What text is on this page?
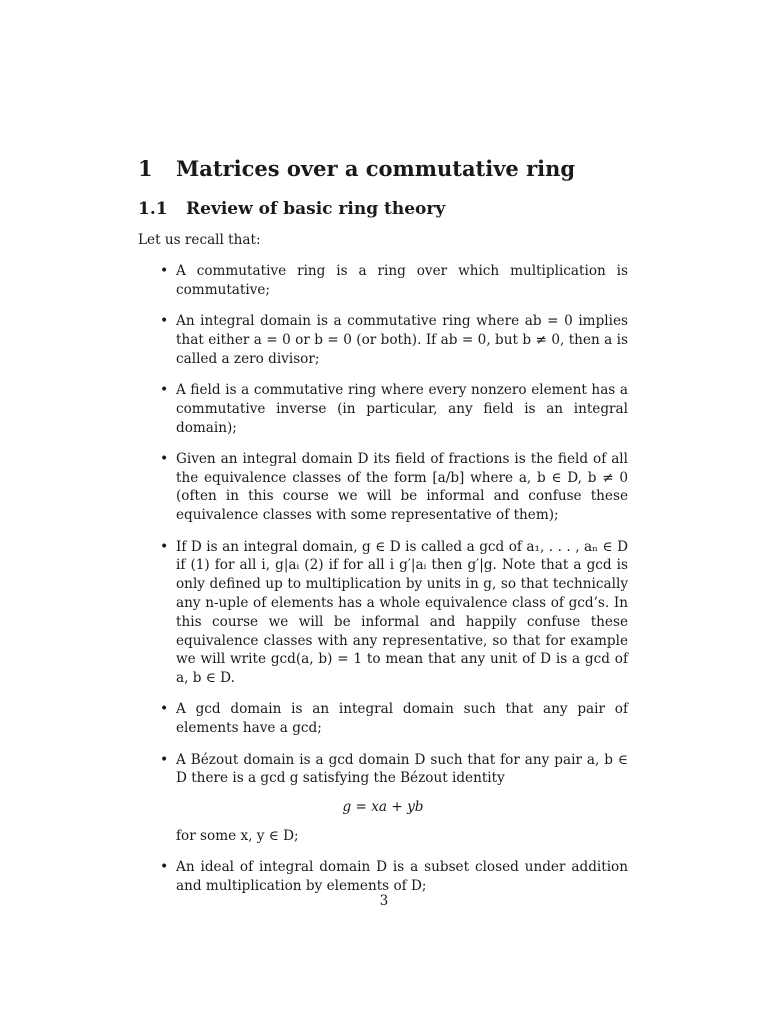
1 Matrices over a commutative ring
1.1 Review of basic ring theory

Let us recall that:

• A commutative ring is a ring over which multiplication is commutative;
• An integral domain is a commutative ring where ab = 0 implies that either a = 0 or b = 0 (or both). If ab = 0, but b ≠ 0, then a is called a zero divisor;
• A field is a commutative ring where every nonzero element has a commutative inverse (in particular, any field is an integral domain);
• Given an integral domain D its field of fractions is the field of all the equivalence classes of the form [a/b] where a, b ∈ D, b ≠ 0 (often in this course we will be informal and confuse these equivalence classes with some representative of them);
• If D is an integral domain, g ∈ D is called a gcd of a₁, . . . , aₙ ∈ D if (1) for all i, g|aᵢ (2) if for all i g′|aᵢ then g′|g. Note that a gcd is only defined up to multiplication by units in g, so that technically any n-uple of elements has a whole equivalence class of gcd’s. In this course we will be informal and happily confuse these equivalence classes with any representative, so that for example we will write gcd(a, b) = 1 to mean that any unit of D is a gcd of a, b ∈ D.
• A gcd domain is an integral domain such that any pair of elements have a gcd;
• A Bézout domain is a gcd domain D such that for any pair a, b ∈ D there is a gcd g satisfying the Bézout identity
g = xa + yb
for some x, y ∈ D;
• An ideal of integral domain D is a subset closed under addition and multiplication by elements of D;
3
